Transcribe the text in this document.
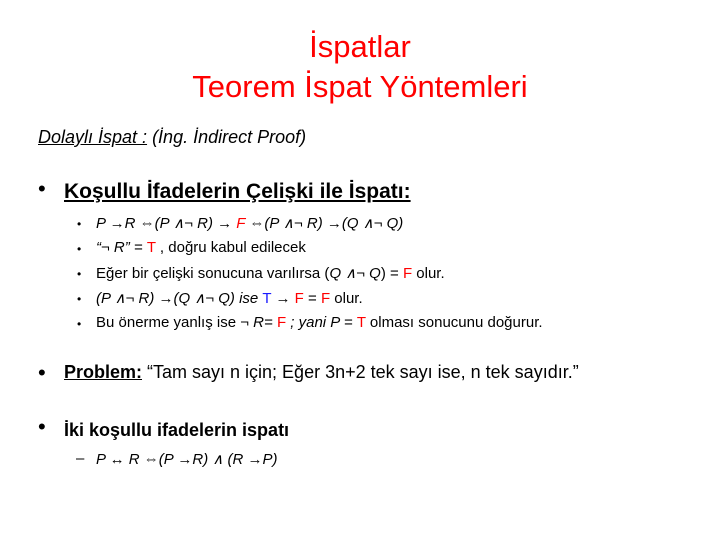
İspatlar
Teorem İspat Yöntemleri
Dolaylı İspat : (İng. İndirect Proof)
• Koşullu İfadelerin Çelişki ile İspatı:
• P →R ⇔(P ∧¬ R) → F ⇔(P ∧¬ R) →(Q ∧¬ Q)
• “¬ R” = T , doğru kabul edilecek
• Eğer bir çelişki sonucuna varılırsa (Q ∧¬ Q) = F olur.
• (P ∧¬ R) →(Q ∧¬ Q) ise T → F = F olur.
• Bu önerme yanlış ise ¬ R= F ; yani P = T olması sonucunu doğurur.
• Problem: “Tam sayı n için; Eğer 3n+2 tek sayı ise, n tek sayıdır.”
• İki koşullu ifadelerin ispatı
– P ↔ R ⇔(P →R) ∧ (R →P)
